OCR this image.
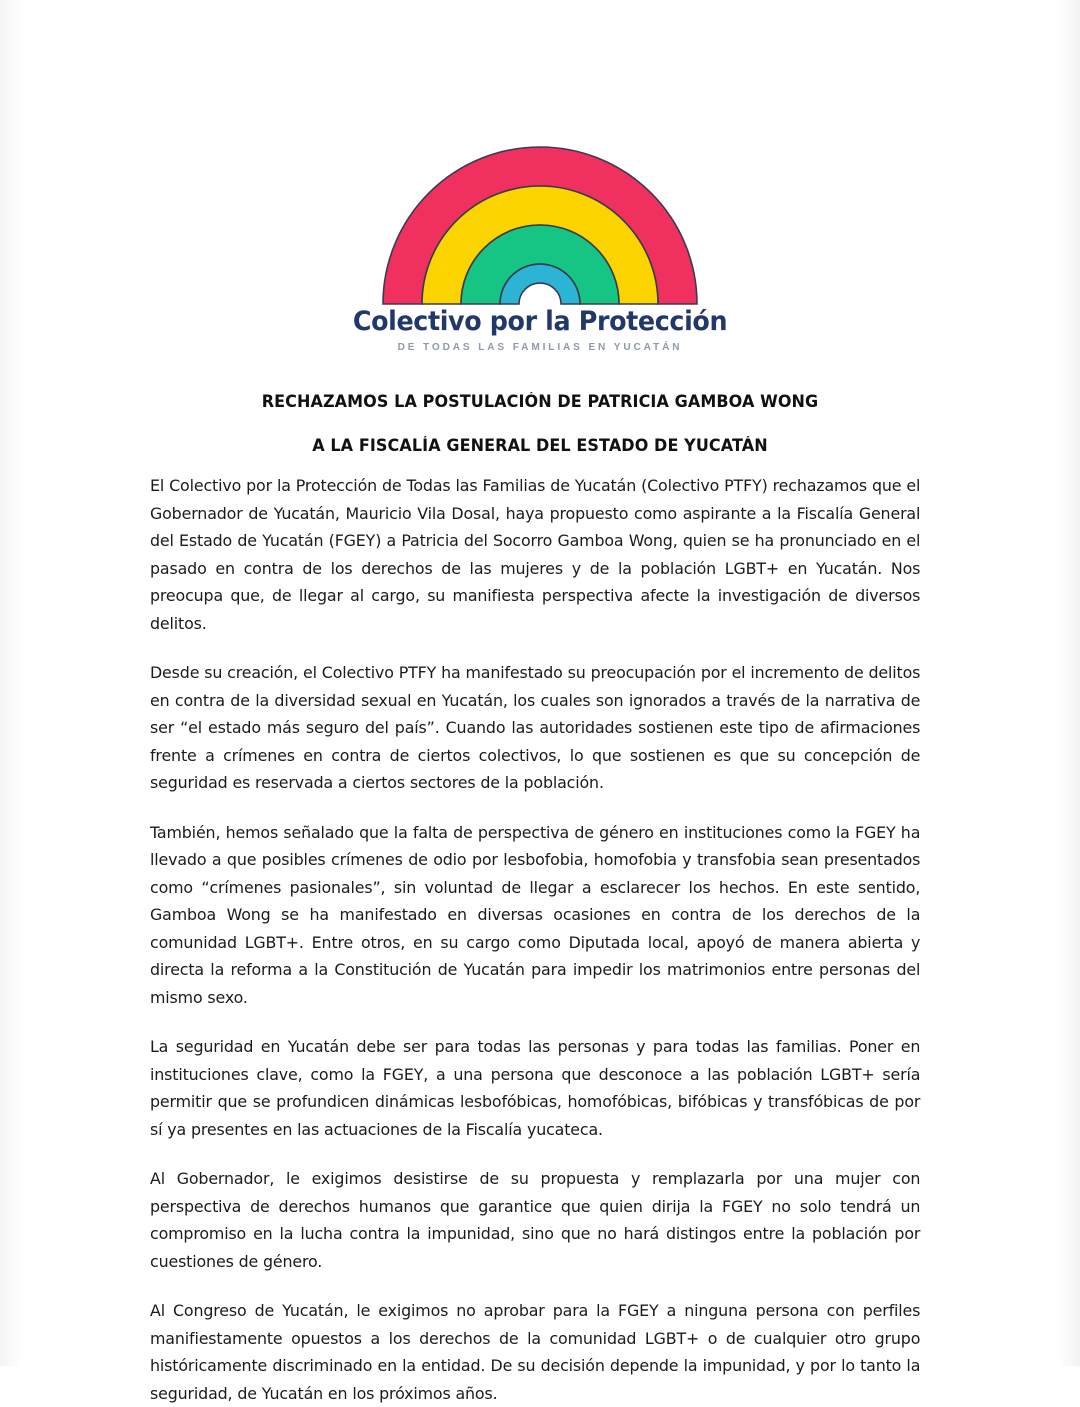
Colectivo por la Protección
DE TODAS LAS FAMILIAS EN YUCATÁN
RECHAZAMOS LA POSTULACIÓN DE PATRICIA GAMBOA WONG
A LA FISCALÍA GENERAL DEL ESTADO DE YUCATÁN

El Colectivo por la Protección de Todas las Familias de Yucatán (Colectivo PTFY) rechazamos que el Gobernador de Yucatán, Mauricio Vila Dosal, haya propuesto como aspirante a la Fiscalía General del Estado de Yucatán (FGEY) a Patricia del Socorro Gamboa Wong, quien se ha pronunciado en el pasado en contra de los derechos de las mujeres y de la población LGBT+ en Yucatán. Nos preocupa que, de llegar al cargo, su manifiesta perspectiva afecte la investigación de diversos delitos.

Desde su creación, el Colectivo PTFY ha manifestado su preocupación por el incremento de delitos en contra de la diversidad sexual en Yucatán, los cuales son ignorados a través de la narrativa de ser “el estado más seguro del país”. Cuando las autoridades sostienen este tipo de afirmaciones frente a crímenes en contra de ciertos colectivos, lo que sostienen es que su concepción de seguridad es reservada a ciertos sectores de la población.

También, hemos señalado que la falta de perspectiva de género en instituciones como la FGEY ha llevado a que posibles crímenes de odio por lesbofobia, homofobia y transfobia sean presentados como “crímenes pasionales”, sin voluntad de llegar a esclarecer los hechos. En este sentido, Gamboa Wong se ha manifestado en diversas ocasiones en contra de los derechos de la comunidad LGBT+. Entre otros, en su cargo como Diputada local, apoyó de manera abierta y directa la reforma a la Constitución de Yucatán para impedir los matrimonios entre personas del mismo sexo.

La seguridad en Yucatán debe ser para todas las personas y para todas las familias. Poner en instituciones clave, como la FGEY, a una persona que desconoce a las población LGBT+ sería permitir que se profundicen dinámicas lesbofóbicas, homofóbicas, bifóbicas y transfóbicas de por sí ya presentes en las actuaciones de la Fiscalía yucateca.

Al Gobernador, le exigimos desistirse de su propuesta y remplazarla por una mujer con perspectiva de derechos humanos que garantice que quien dirija la FGEY no solo tendrá un compromiso en la lucha contra la impunidad, sino que no hará distingos entre la población por cuestiones de género.

Al Congreso de Yucatán, le exigimos no aprobar para la FGEY a ninguna persona con perfiles manifiestamente opuestos a los derechos de la comunidad LGBT+ o de cualquier otro grupo históricamente discriminado en la entidad. De su decisión depende la impunidad, y por lo tanto la seguridad, de Yucatán en los próximos años.
